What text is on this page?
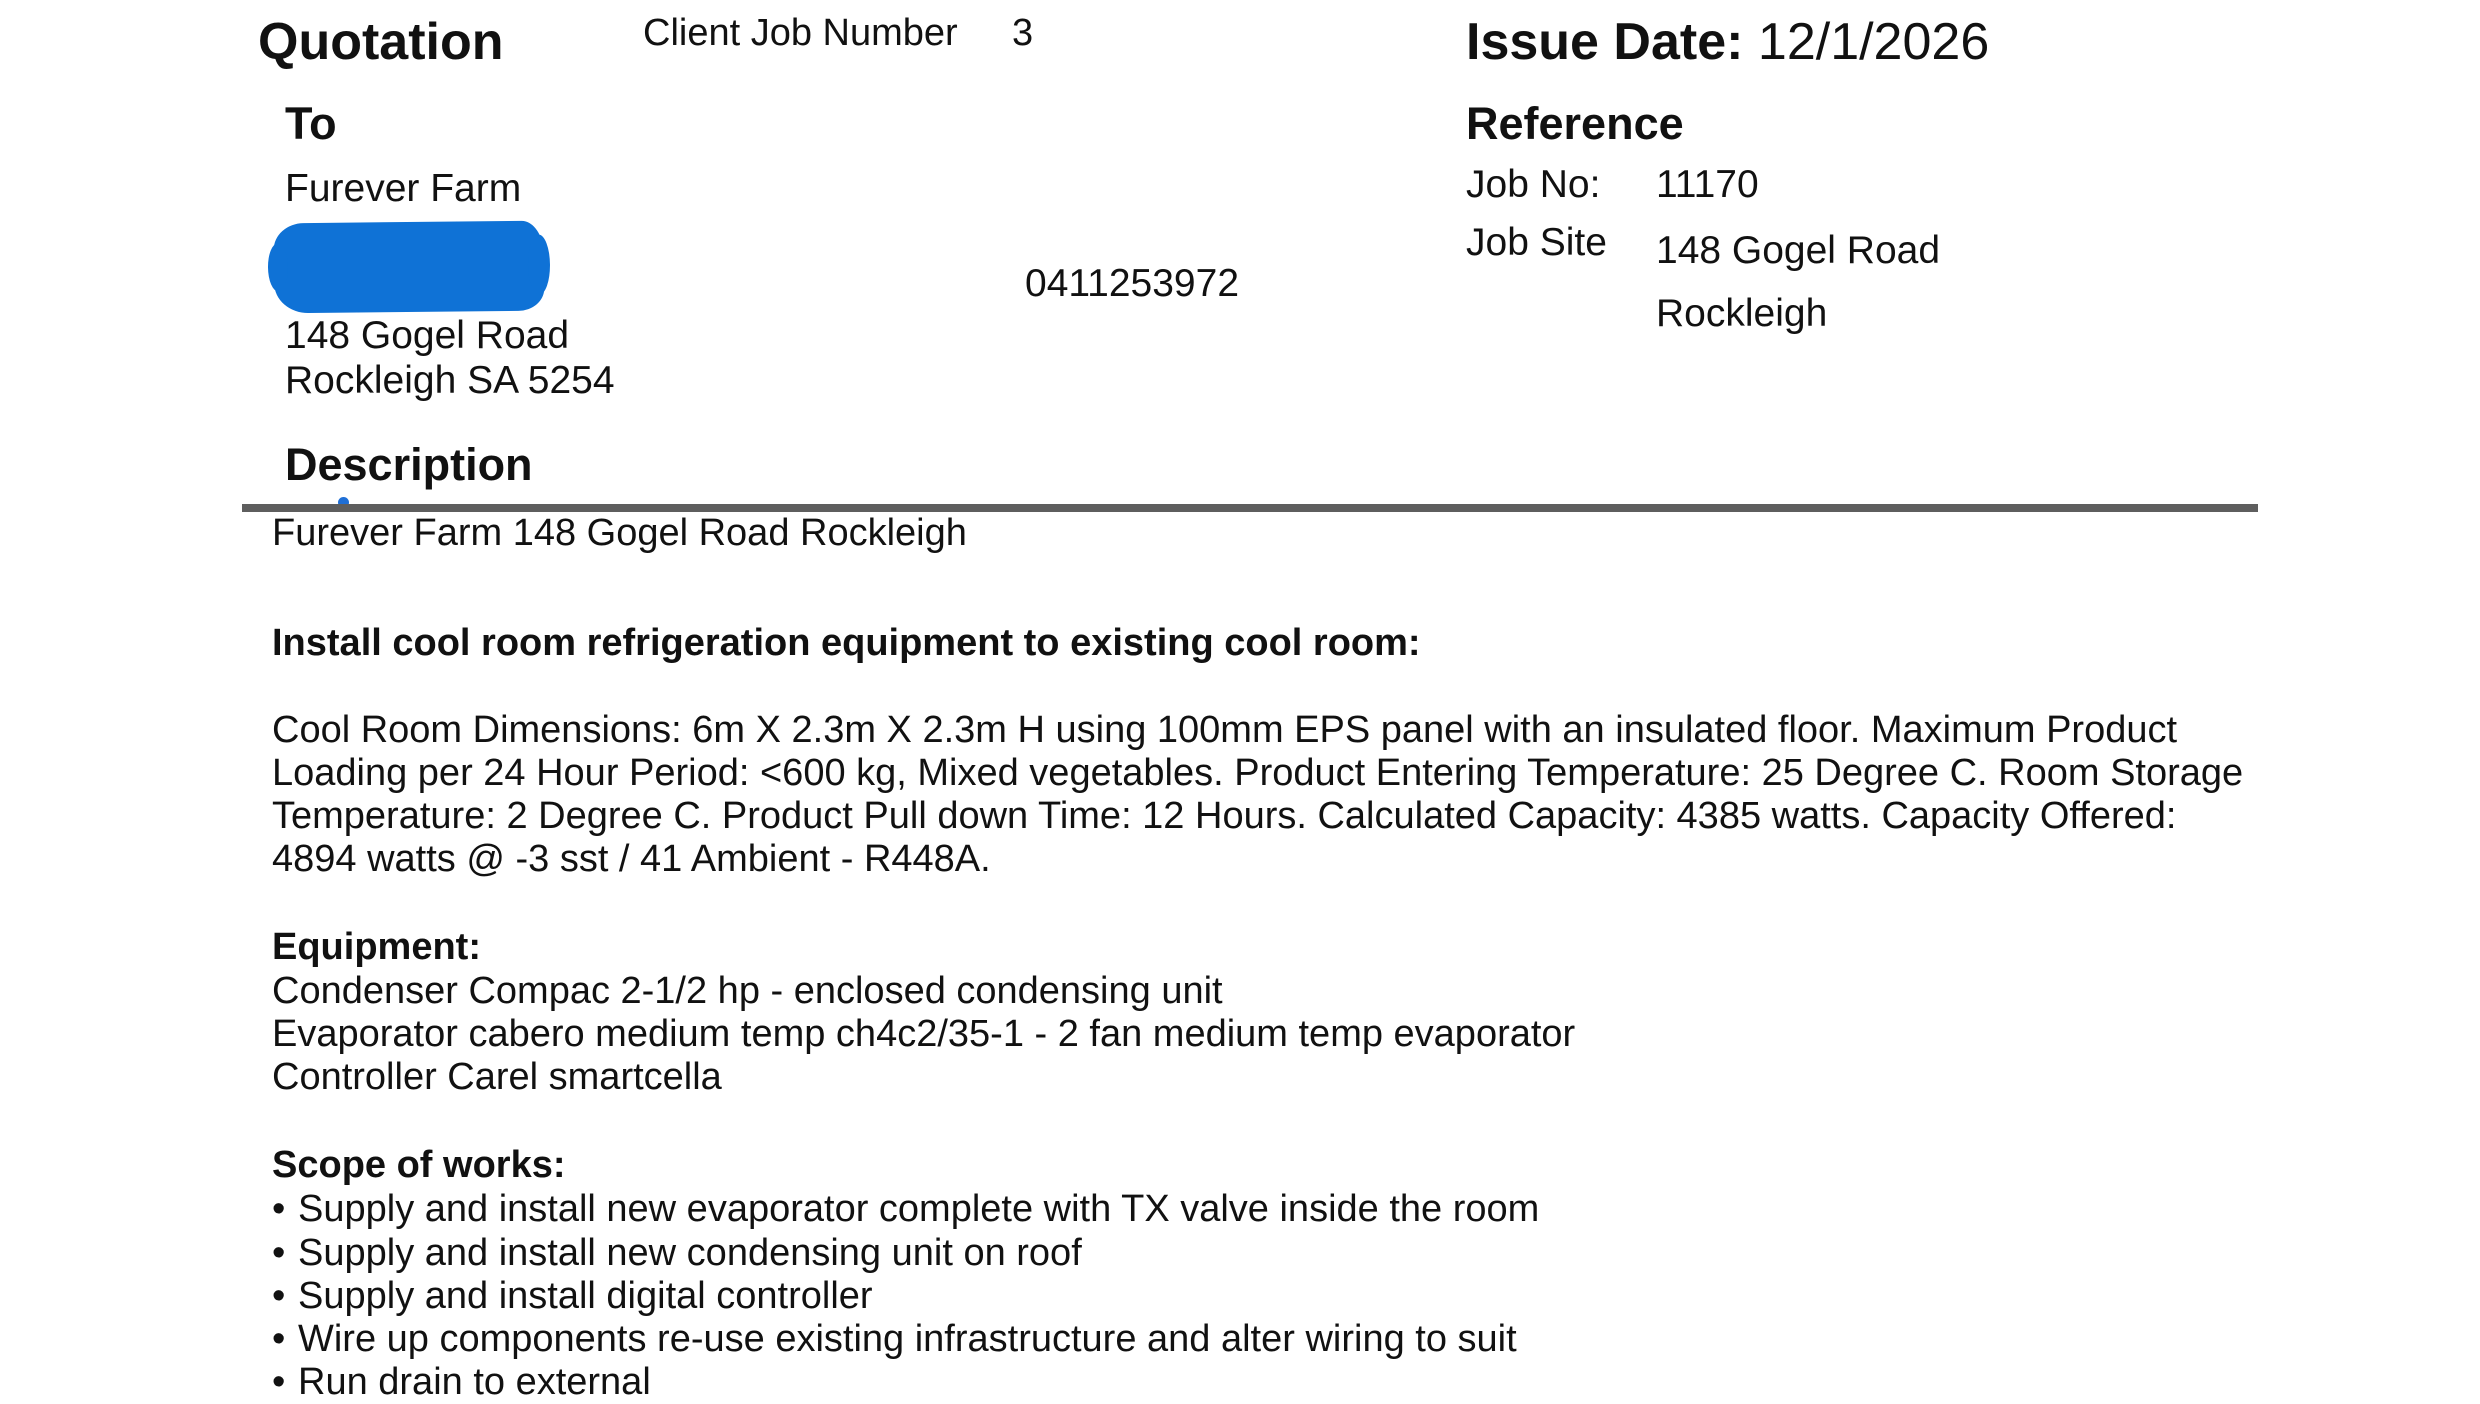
Quotation	Client Job Number 3	Issue Date: 12/1/2026
To
Furever Farm
148 Gogel Road
Rockleigh SA 5254
0411253972
Reference
Job No: 11170
Job Site 148 Gogel Road
Rockleigh
Description
Furever Farm 148 Gogel Road Rockleigh
Install cool room refrigeration equipment to existing cool room:
Cool Room Dimensions: 6m X 2.3m X 2.3m H using 100mm EPS panel with an insulated floor. Maximum Product Loading per 24 Hour Period: <600 kg, Mixed vegetables. Product Entering Temperature: 25 Degree C. Room Storage Temperature: 2 Degree C. Product Pull down Time: 12 Hours. Calculated Capacity: 4385 watts. Capacity Offered: 4894 watts @ -3 sst / 41 Ambient - R448A.
Equipment:
Condenser Compac 2-1/2 hp - enclosed condensing unit
Evaporator cabero medium temp ch4c2/35-1 - 2 fan medium temp evaporator
Controller Carel smartcella
Scope of works:
• Supply and install new evaporator complete with TX valve inside the room
• Supply and install new condensing unit on roof
• Supply and install digital controller
• Wire up components re-use existing infrastructure and alter wiring to suit
• Run drain to external
